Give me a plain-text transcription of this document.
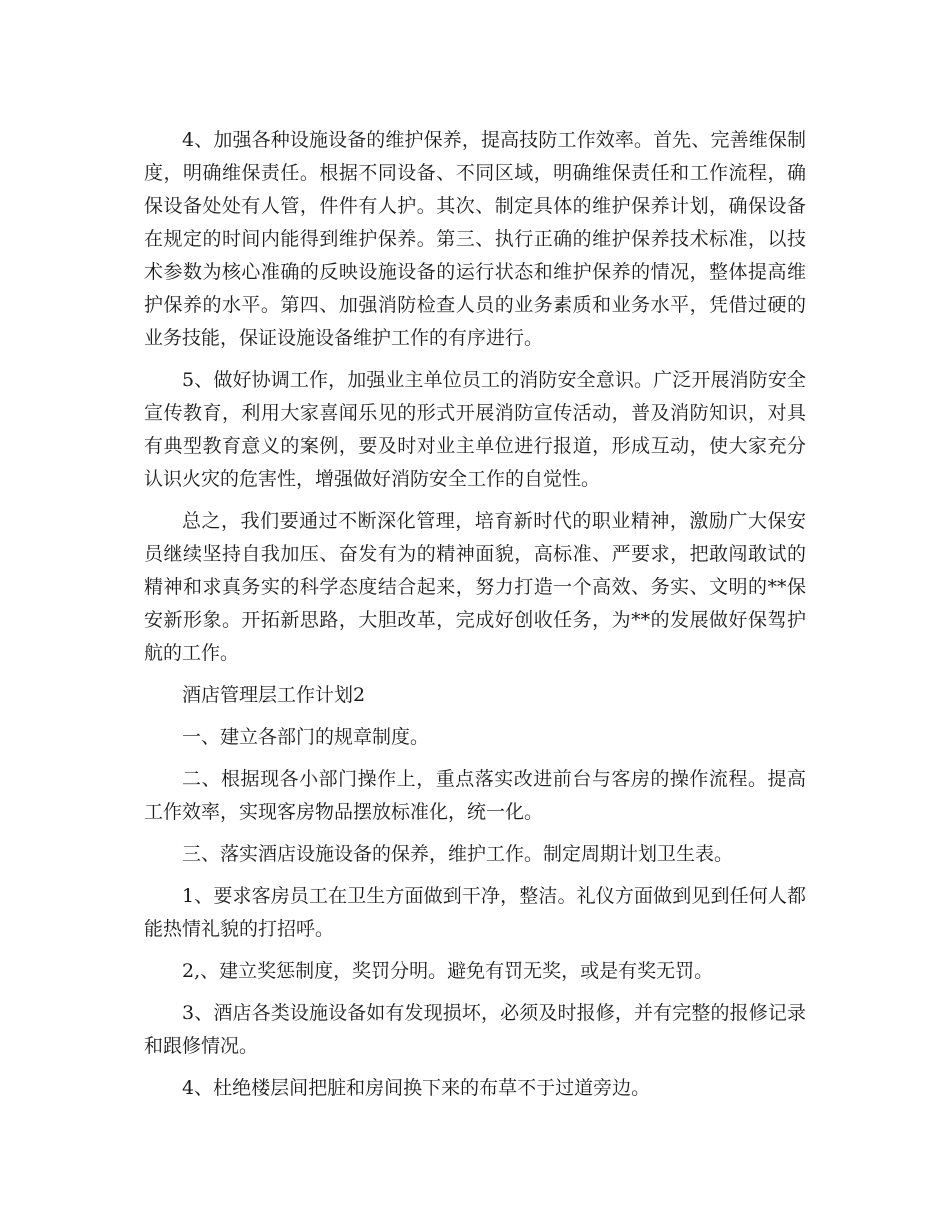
4、加强各种设施设备的维护保养，提高技防工作效率。首先、完善维保制度，明确维保责任。根据不同设备、不同区域，明确维保责任和工作流程，确保设备处处有人管，件件有人护。其次、制定具体的维护保养计划，确保设备在规定的时间内能得到维护保养。第三、执行正确的维护保养技术标准，以技术参数为核心准确的反映设施设备的运行状态和维护保养的情况，整体提高维护保养的水平。第四、加强消防检查人员的业务素质和业务水平，凭借过硬的业务技能，保证设施设备维护工作的有序进行。

5、做好协调工作，加强业主单位员工的消防安全意识。广泛开展消防安全宣传教育，利用大家喜闻乐见的形式开展消防宣传活动，普及消防知识，对具有典型教育意义的案例，要及时对业主单位进行报道，形成互动，使大家充分认识火灾的危害性，增强做好消防安全工作的自觉性。

总之，我们要通过不断深化管理，培育新时代的职业精神，激励广大保安员继续坚持自我加压、奋发有为的精神面貌，高标准、严要求，把敢闯敢试的精神和求真务实的科学态度结合起来，努力打造一个高效、务实、文明的**保安新形象。开拓新思路，大胆改革，完成好创收任务，为**的发展做好保驾护航的工作。

酒店管理层工作计划2

一、建立各部门的规章制度。

二、根据现各小部门操作上，重点落实改进前台与客房的操作流程。提高工作效率，实现客房物品摆放标准化，统一化。

三、落实酒店设施设备的保养，维护工作。制定周期计划卫生表。

1、要求客房员工在卫生方面做到干净，整洁。礼仪方面做到见到任何人都能热情礼貌的打招呼。

2,、建立奖惩制度，奖罚分明。避免有罚无奖，或是有奖无罚。

3、酒店各类设施设备如有发现损坏，必须及时报修，并有完整的报修记录和跟修情况。

4、杜绝楼层间把脏和房间换下来的布草不于过道旁边。
